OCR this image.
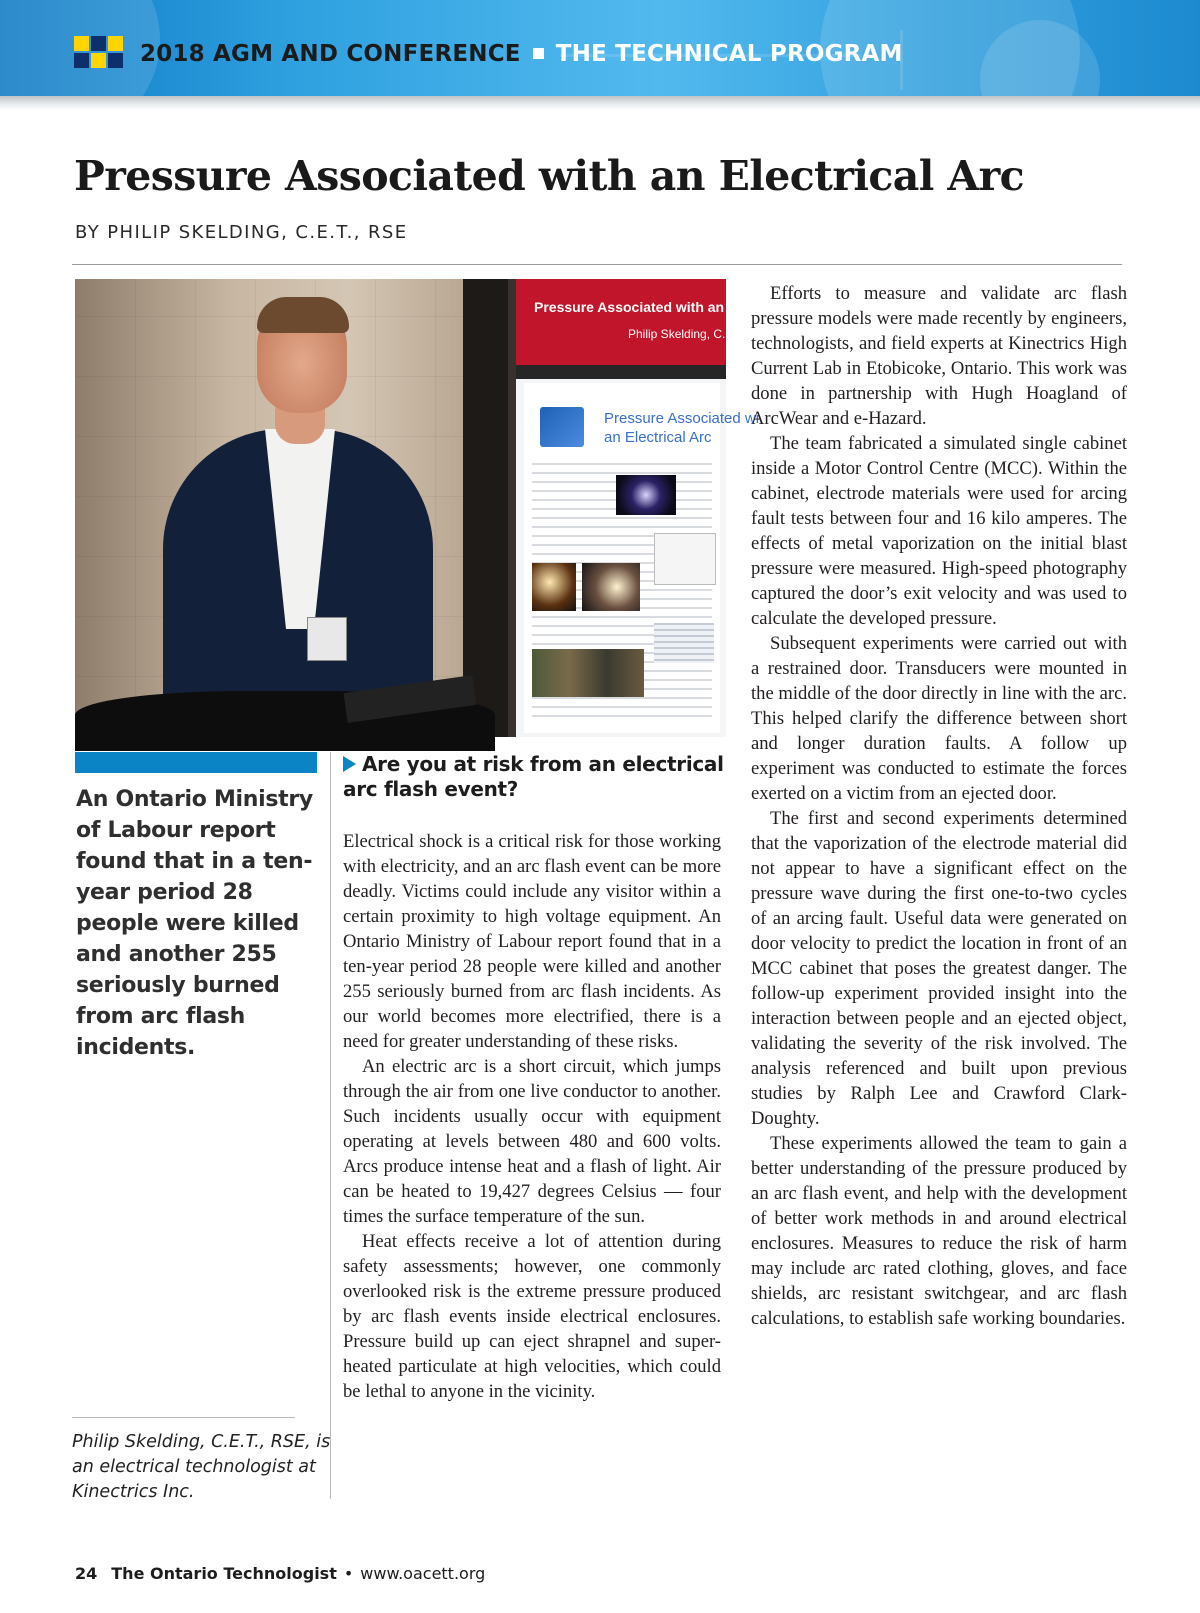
2018 AGM AND CONFERENCE THE TECHNICAL PROGRAM
Pressure Associated with an Electrical Arc
BY PHILIP SKELDING, C.E.T., RSE
Pressure Associated with an Elec
Philip Skelding, C.E.T.
Pressure Associated wi
an Electrical Arc

An Ontario Ministry of Labour report found that in a ten-year period 28 people were killed and another 255 seriously burned from arc flash incidents.

Philip Skelding, C.E.T., RSE, is an electrical technologist at Kinectrics Inc.
Are you at risk from an electrical arc flash event?

Electrical shock is a critical risk for those working with electricity, and an arc flash event can be more deadly. Victims could include any visitor within a certain proximity to high voltage equipment. An Ontario Ministry of Labour report found that in a ten-year period 28 people were killed and another 255 seriously burned from arc flash incidents. As our world becomes more electrified, there is a need for greater understanding of these risks.

An electric arc is a short circuit, which jumps through the air from one live conductor to another. Such incidents usually occur with equipment operating at levels between 480 and 600 volts. Arcs produce intense heat and a flash of light. Air can be heated to 19,427 degrees Celsius — four times the surface temperature of the sun.

Heat effects receive a lot of attention during safety assessments; however, one commonly overlooked risk is the extreme pressure produced by arc flash events inside electrical enclosures. Pressure build up can eject shrapnel and super-heated particulate at high velocities, which could be lethal to anyone in the vicinity.

Efforts to measure and validate arc flash pressure models were made recently by engineers, technologists, and field experts at Kinectrics High Current Lab in Etobicoke, Ontario. This work was done in partnership with Hugh Hoagland of ArcWear and e-Hazard.

The team fabricated a simulated single cabinet inside a Motor Control Centre (MCC). Within the cabinet, electrode materials were used for arcing fault tests between four and 16 kilo amperes. The effects of metal vaporization on the initial blast pressure were measured. High-speed photography captured the door’s exit velocity and was used to calculate the developed pressure.

Subsequent experiments were carried out with a restrained door. Transducers were mounted in the middle of the door directly in line with the arc. This helped clarify the difference between short and longer duration faults. A follow up experiment was conducted to estimate the forces exerted on a victim from an ejected door.

The first and second experiments determined that the vaporization of the electrode material did not appear to have a significant effect on the pressure wave during the first one-to-two cycles of an arcing fault. Useful data were generated on door velocity to predict the location in front of an MCC cabinet that poses the greatest danger. The follow-up experiment provided insight into the interaction between people and an ejected object, validating the severity of the risk involved. The analysis referenced and built upon previous studies by Ralph Lee and Crawford Clark-Doughty.

These experiments allowed the team to gain a better understanding of the pressure produced by an arc flash event, and help with the development of better work methods in and around electrical enclosures. Measures to reduce the risk of harm may include arc rated clothing, gloves, and face shields, arc resistant switchgear, and arc flash calculations, to establish safe working boundaries.

24 The Ontario Technologist • www.oacett.org
